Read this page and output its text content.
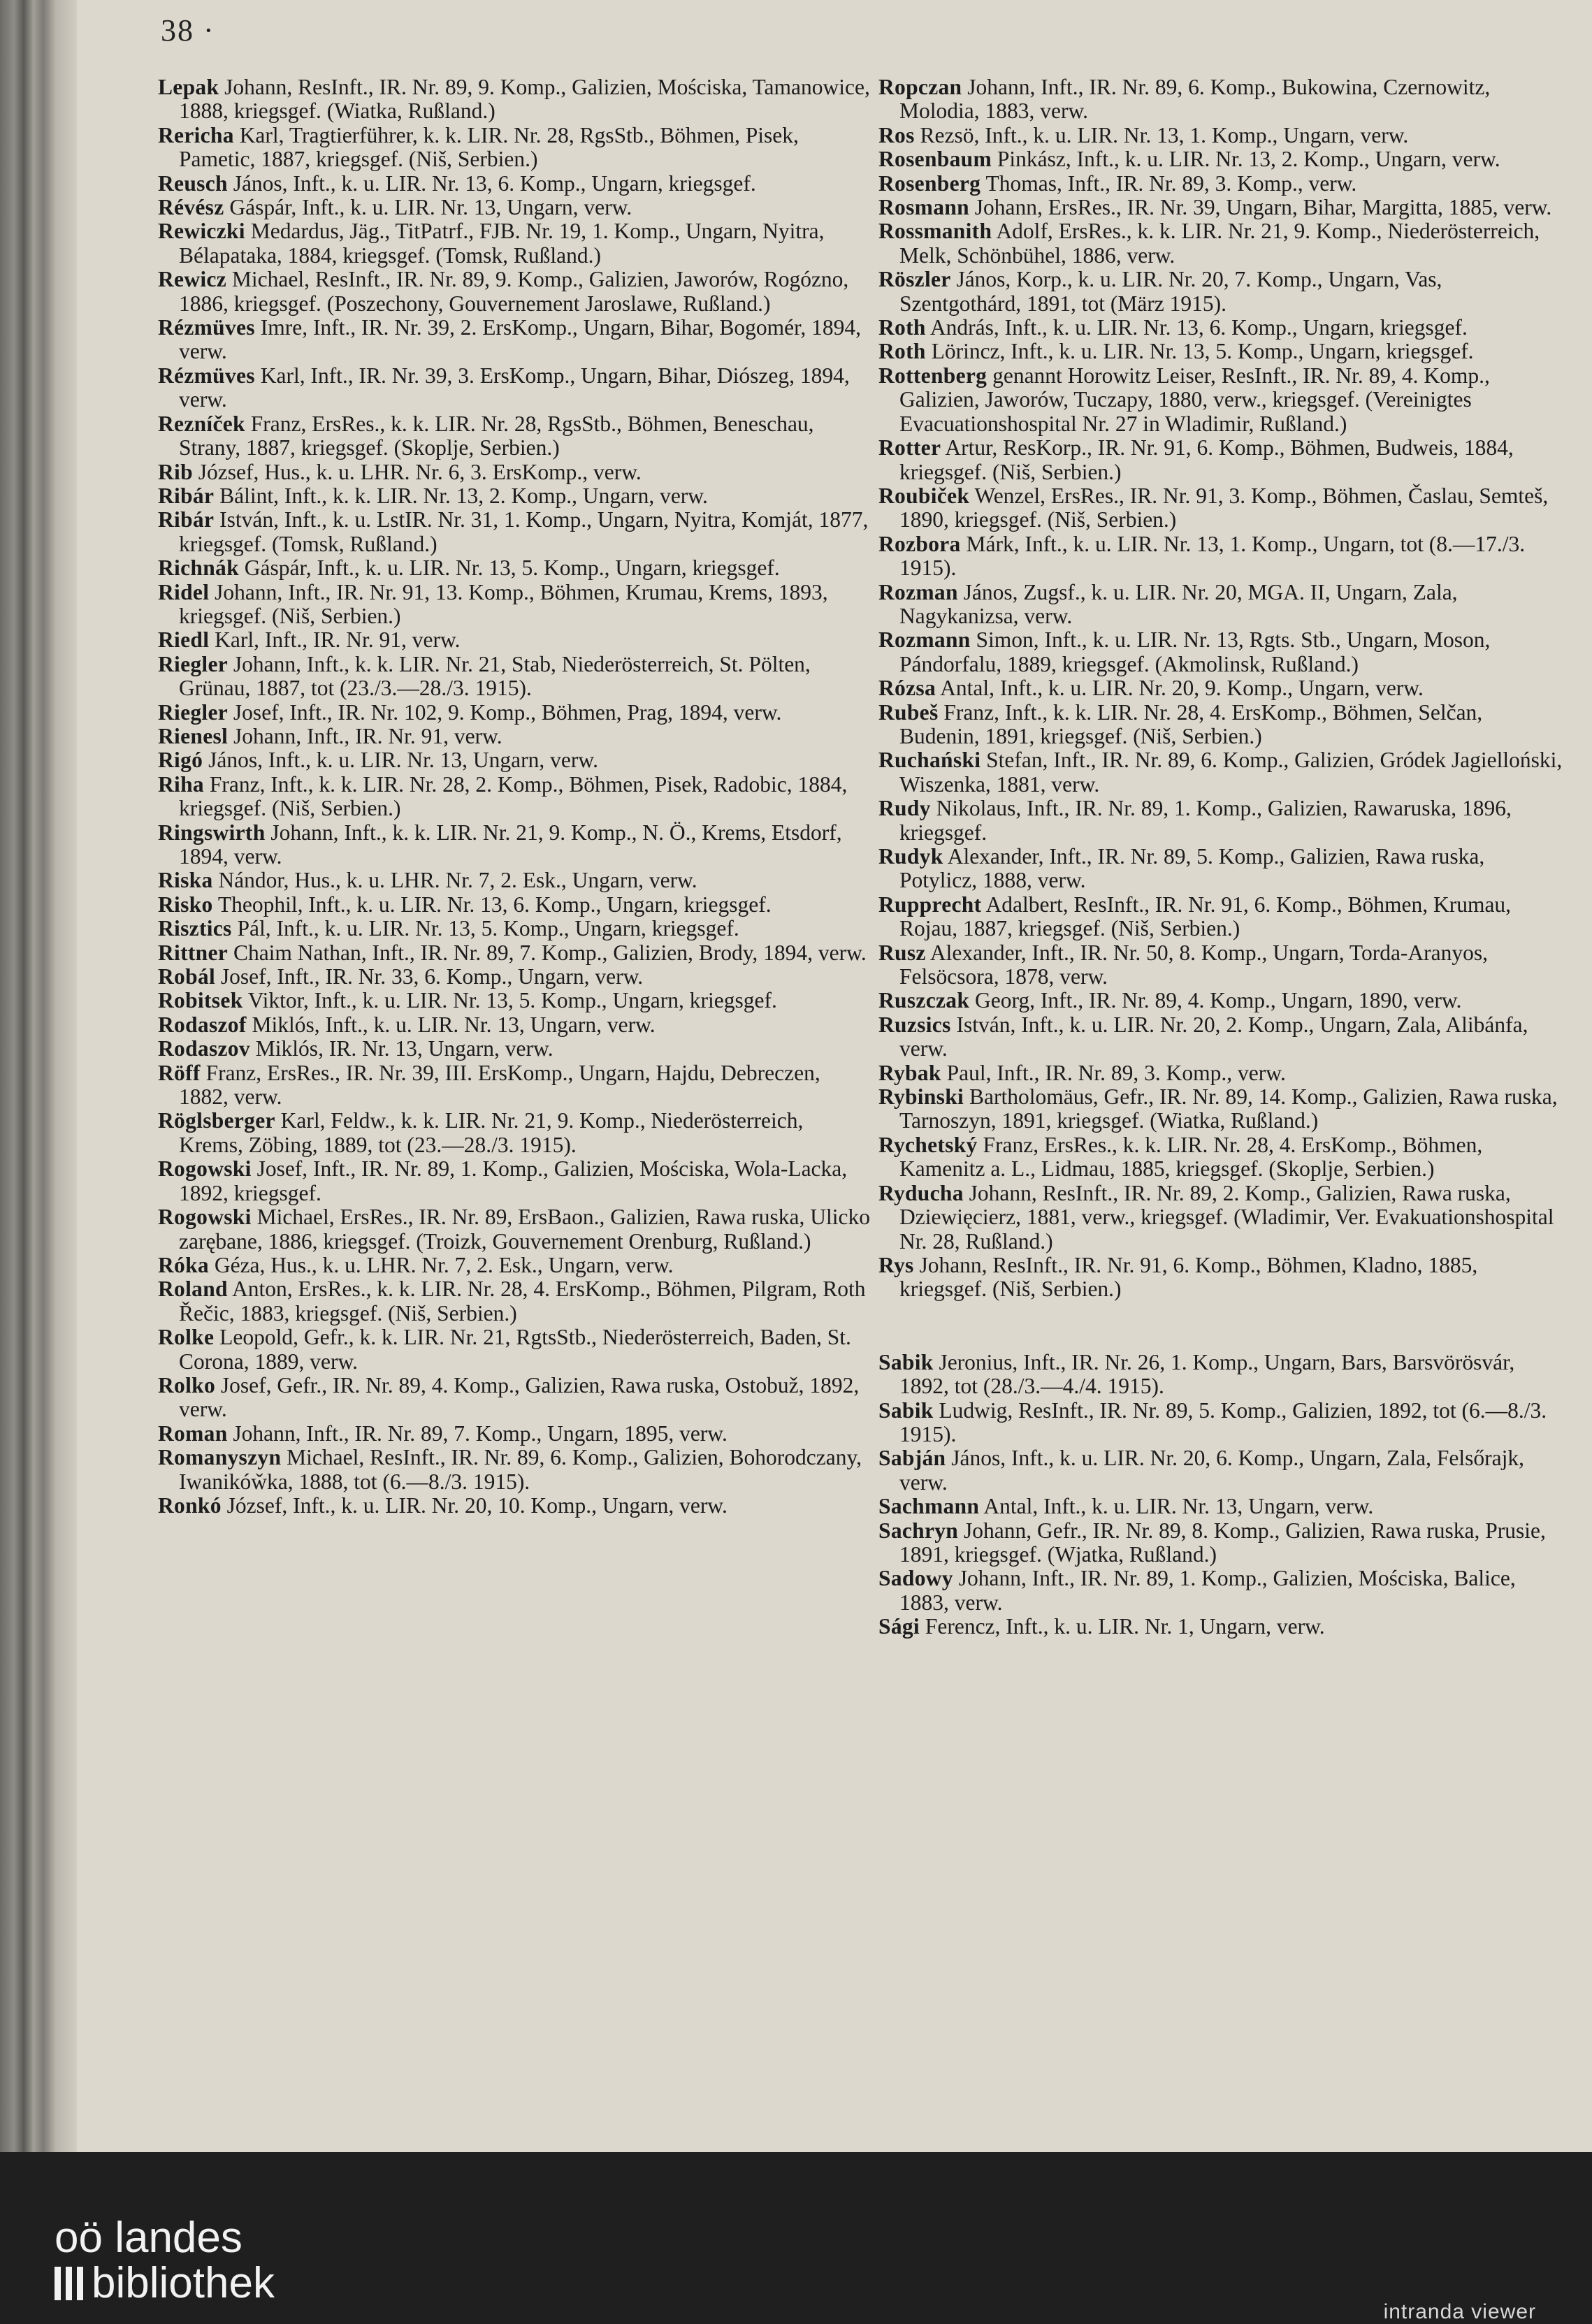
38 ·

Lepak Johann, ResInft., IR. Nr. 89, 9. Komp., Galizien, Mościska, Tamanowice, 1888, kriegsgef. (Wiatka, Rußland.)

Rericha Karl, Tragtierführer, k. k. LIR. Nr. 28, RgsStb., Böhmen, Pisek, Pametic, 1887, kriegsgef. (Niš, Serbien.)

Reusch János, Inft., k. u. LIR. Nr. 13, 6. Komp., Ungarn, kriegsgef.

Révész Gáspár, Inft., k. u. LIR. Nr. 13, Ungarn, verw.

Rewiczki Medardus, Jäg., TitPatrf., FJB. Nr. 19, 1. Komp., Ungarn, Nyitra, Bélapataka, 1884, kriegsgef. (Tomsk, Rußland.)

Rewicz Michael, ResInft., IR. Nr. 89, 9. Komp., Galizien, Jaworów, Rogózno, 1886, kriegsgef. (Poszechony, Gouvernement Jaroslawe, Rußland.)

Rézmüves Imre, Inft., IR. Nr. 39, 2. ErsKomp., Ungarn, Bihar, Bogomér, 1894, verw.

Rézmüves Karl, Inft., IR. Nr. 39, 3. ErsKomp., Ungarn, Bihar, Diószeg, 1894, verw.

Rezníček Franz, ErsRes., k. k. LIR. Nr. 28, RgsStb., Böhmen, Beneschau, Strany, 1887, kriegsgef. (Skoplje, Serbien.)

Rib József, Hus., k. u. LHR. Nr. 6, 3. ErsKomp., verw.

Ribár Bálint, Inft., k. k. LIR. Nr. 13, 2. Komp., Ungarn, verw.

Ribár István, Inft., k. u. LstIR. Nr. 31, 1. Komp., Ungarn, Nyitra, Komját, 1877, kriegsgef. (Tomsk, Rußland.)

Richnák Gáspár, Inft., k. u. LIR. Nr. 13, 5. Komp., Ungarn, kriegsgef.

Ridel Johann, Inft., IR. Nr. 91, 13. Komp., Böhmen, Krumau, Krems, 1893, kriegsgef. (Niš, Serbien.)

Riedl Karl, Inft., IR. Nr. 91, verw.

Riegler Johann, Inft., k. k. LIR. Nr. 21, Stab, Niederösterreich, St. Pölten, Grünau, 1887, tot (23./3.—28./3. 1915).

Riegler Josef, Inft., IR. Nr. 102, 9. Komp., Böhmen, Prag, 1894, verw.

Rienesl Johann, Inft., IR. Nr. 91, verw.

Rigó János, Inft., k. u. LIR. Nr. 13, Ungarn, verw.

Riha Franz, Inft., k. k. LIR. Nr. 28, 2. Komp., Böhmen, Pisek, Radobic, 1884, kriegsgef. (Niš, Serbien.)

Ringswirth Johann, Inft., k. k. LIR. Nr. 21, 9. Komp., N. Ö., Krems, Etsdorf, 1894, verw.

Riska Nándor, Hus., k. u. LHR. Nr. 7, 2. Esk., Ungarn, verw.

Risko Theophil, Inft., k. u. LIR. Nr. 13, 6. Komp., Ungarn, kriegsgef.

Risztics Pál, Inft., k. u. LIR. Nr. 13, 5. Komp., Ungarn, kriegsgef.

Rittner Chaim Nathan, Inft., IR. Nr. 89, 7. Komp., Galizien, Brody, 1894, verw.

Robál Josef, Inft., IR. Nr. 33, 6. Komp., Ungarn, verw.

Robitsek Viktor, Inft., k. u. LIR. Nr. 13, 5. Komp., Ungarn, kriegsgef.

Rodaszof Miklós, Inft., k. u. LIR. Nr. 13, Ungarn, verw.

Rodaszov Miklós, IR. Nr. 13, Ungarn, verw.

Röff Franz, ErsRes., IR. Nr. 39, III. ErsKomp., Ungarn, Hajdu, Debreczen, 1882, verw.

Röglsberger Karl, Feldw., k. k. LIR. Nr. 21, 9. Komp., Niederösterreich, Krems, Zöbing, 1889, tot (23.—28./3. 1915).

Rogowski Josef, Inft., IR. Nr. 89, 1. Komp., Galizien, Mościska, Wola-Lacka, 1892, kriegsgef.

Rogowski Michael, ErsRes., IR. Nr. 89, ErsBaon., Galizien, Rawa ruska, Ulicko zarębane, 1886, kriegsgef. (Troizk, Gouvernement Orenburg, Rußland.)

Róka Géza, Hus., k. u. LHR. Nr. 7, 2. Esk., Ungarn, verw.

Roland Anton, ErsRes., k. k. LIR. Nr. 28, 4. ErsKomp., Böhmen, Pilgram, Roth Řečic, 1883, kriegsgef. (Niš, Serbien.)

Rolke Leopold, Gefr., k. k. LIR. Nr. 21, RgtsStb., Niederösterreich, Baden, St. Corona, 1889, verw.

Rolko Josef, Gefr., IR. Nr. 89, 4. Komp., Galizien, Rawa ruska, Ostobuž, 1892, verw.

Roman Johann, Inft., IR. Nr. 89, 7. Komp., Ungarn, 1895, verw.

Romanyszyn Michael, ResInft., IR. Nr. 89, 6. Komp., Galizien, Bohorodczany, Iwaników̌ka, 1888, tot (6.—8./3. 1915).

Ronkó József, Inft., k. u. LIR. Nr. 20, 10. Komp., Ungarn, verw.

Ropczan Johann, Inft., IR. Nr. 89, 6. Komp., Bukowina, Czernowitz, Molodia, 1883, verw.

Ros Rezsö, Inft., k. u. LIR. Nr. 13, 1. Komp., Ungarn, verw.

Rosenbaum Pinkász, Inft., k. u. LIR. Nr. 13, 2. Komp., Ungarn, verw.

Rosenberg Thomas, Inft., IR. Nr. 89, 3. Komp., verw.

Rosmann Johann, ErsRes., IR. Nr. 39, Ungarn, Bihar, Margitta, 1885, verw.

Rossmanith Adolf, ErsRes., k. k. LIR. Nr. 21, 9. Komp., Niederösterreich, Melk, Schönbühel, 1886, verw.

Röszler János, Korp., k. u. LIR. Nr. 20, 7. Komp., Ungarn, Vas, Szentgothárd, 1891, tot (März 1915).

Roth András, Inft., k. u. LIR. Nr. 13, 6. Komp., Ungarn, kriegsgef.

Roth Lörincz, Inft., k. u. LIR. Nr. 13, 5. Komp., Ungarn, kriegsgef.

Rottenberg genannt Horowitz Leiser, ResInft., IR. Nr. 89, 4. Komp., Galizien, Jaworów, Tuczapy, 1880, verw., kriegsgef. (Vereinigtes Evacuationshospital Nr. 27 in Wladimir, Rußland.)

Rotter Artur, ResKorp., IR. Nr. 91, 6. Komp., Böhmen, Budweis, 1884, kriegsgef. (Niš, Serbien.)

Roubiček Wenzel, ErsRes., IR. Nr. 91, 3. Komp., Böhmen, Časlau, Semteš, 1890, kriegsgef. (Niš, Serbien.)

Rozbora Márk, Inft., k. u. LIR. Nr. 13, 1. Komp., Ungarn, tot (8.—17./3. 1915).

Rozman János, Zugsf., k. u. LIR. Nr. 20, MGA. II, Ungarn, Zala, Nagykanizsa, verw.

Rozmann Simon, Inft., k. u. LIR. Nr. 13, Rgts. Stb., Ungarn, Moson, Pándorfalu, 1889, kriegsgef. (Akmolinsk, Rußland.)

Rózsa Antal, Inft., k. u. LIR. Nr. 20, 9. Komp., Ungarn, verw.

Rubeš Franz, Inft., k. k. LIR. Nr. 28, 4. ErsKomp., Böhmen, Selčan, Budenin, 1891, kriegsgef. (Niš, Serbien.)

Ruchański Stefan, Inft., IR. Nr. 89, 6. Komp., Galizien, Gródek Jagielloński, Wiszenka, 1881, verw.

Rudy Nikolaus, Inft., IR. Nr. 89, 1. Komp., Galizien, Rawaruska, 1896, kriegsgef.

Rudyk Alexander, Inft., IR. Nr. 89, 5. Komp., Galizien, Rawa ruska, Potylicz, 1888, verw.

Rupprecht Adalbert, ResInft., IR. Nr. 91, 6. Komp., Böhmen, Krumau, Rojau, 1887, kriegsgef. (Niš, Serbien.)

Rusz Alexander, Inft., IR. Nr. 50, 8. Komp., Ungarn, Torda-Aranyos, Felsöcsora, 1878, verw.

Ruszczak Georg, Inft., IR. Nr. 89, 4. Komp., Ungarn, 1890, verw.

Ruzsics István, Inft., k. u. LIR. Nr. 20, 2. Komp., Ungarn, Zala, Alibánfa, verw.

Rybak Paul, Inft., IR. Nr. 89, 3. Komp., verw.

Rybinski Bartholomäus, Gefr., IR. Nr. 89, 14. Komp., Galizien, Rawa ruska, Tarnoszyn, 1891, kriegsgef. (Wiatka, Rußland.)

Rychetský Franz, ErsRes., k. k. LIR. Nr. 28, 4. ErsKomp., Böhmen, Kamenitz a. L., Lidmau, 1885, kriegsgef. (Skoplje, Serbien.)

Ryducha Johann, ResInft., IR. Nr. 89, 2. Komp., Galizien, Rawa ruska, Dziewięcierz, 1881, verw., kriegsgef. (Wladimir, Ver. Evakuationshospital Nr. 28, Rußland.)

Rys Johann, ResInft., IR. Nr. 91, 6. Komp., Böhmen, Kladno, 1885, kriegsgef. (Niš, Serbien.)

Sabik Jeronius, Inft., IR. Nr. 26, 1. Komp., Ungarn, Bars, Barsvörösvár, 1892, tot (28./3.—4./4. 1915).

Sabik Ludwig, ResInft., IR. Nr. 89, 5. Komp., Galizien, 1892, tot (6.—8./3. 1915).

Sabján János, Inft., k. u. LIR. Nr. 20, 6. Komp., Ungarn, Zala, Felsőrajk, verw.

Sachmann Antal, Inft., k. u. LIR. Nr. 13, Ungarn, verw.

Sachryn Johann, Gefr., IR. Nr. 89, 8. Komp., Galizien, Rawa ruska, Prusie, 1891, kriegsgef. (Wjatka, Rußland.)

Sadowy Johann, Inft., IR. Nr. 89, 1. Komp., Galizien, Mościska, Balice, 1883, verw.

Sági Ferencz, Inft., k. u. LIR. Nr. 1, Ungarn, verw.

oö landes
bibliothek
intranda viewer
